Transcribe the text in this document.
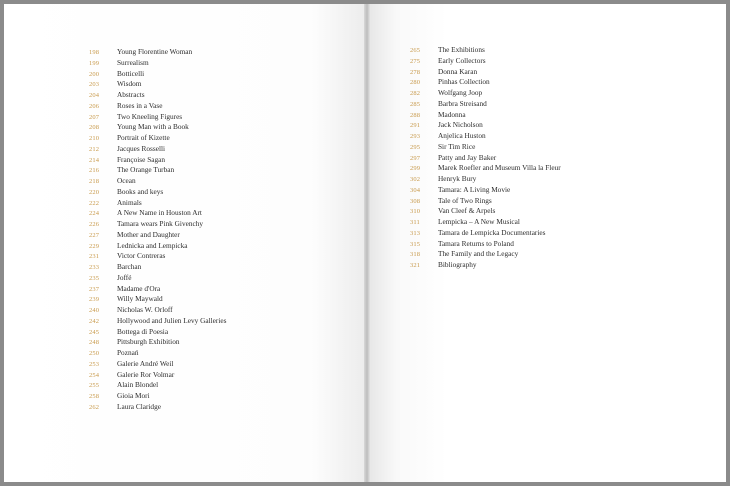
198	Young Florentine Woman
199	Surrealism
200	Botticelli
203	Wisdom
204	Abstracts
206	Roses in a Vase
207	Two Kneeling Figures
208	Young Man with a Book
210	Portrait of Kizette
212	Jacques Rosselli
214	Françoise Sagan
216	The Orange Turban
218	Ocean
220	Books and keys
222	Animals
224	A New Name in Houston Art
226	Tamara wears Pink Givenchy
227	Mother and Daughter
229	Lednicka and Lempicka
231	Victor Contreras
233	Barchan
235	Joffé
237	Madame d'Ora
239	Willy Maywald
240	Nicholas W. Orloff
242	Hollywood and Julien Levy Galleries
245	Bottega di Poesia
248	Pittsburgh Exhibition
250	Poznań
253	Galerie André Weil
254	Galerie Ror Volmar
255	Alain Blondel
258	Gioia Mori
262	Laura Claridge
265	The Exhibitions
275	Early Collectors
278	Donna Karan
280	Pinhas Collection
282	Wolfgang Joop
285	Barbra Streisand
288	Madonna
291	Jack Nicholson
293	Anjelica Huston
295	Sir Tim Rice
297	Patty and Jay Baker
299	Marek Roefler and Museum Villa la Fleur
302	Henryk Bury
304	Tamara: A Living Movie
308	Tale of Two Rings
310	Van Cleef & Arpels
311	Lempicka – A New Musical
313	Tamara de Lempicka Documentaries
315	Tamara Returns to Poland
318	The Family and the Legacy
321	Bibliography
